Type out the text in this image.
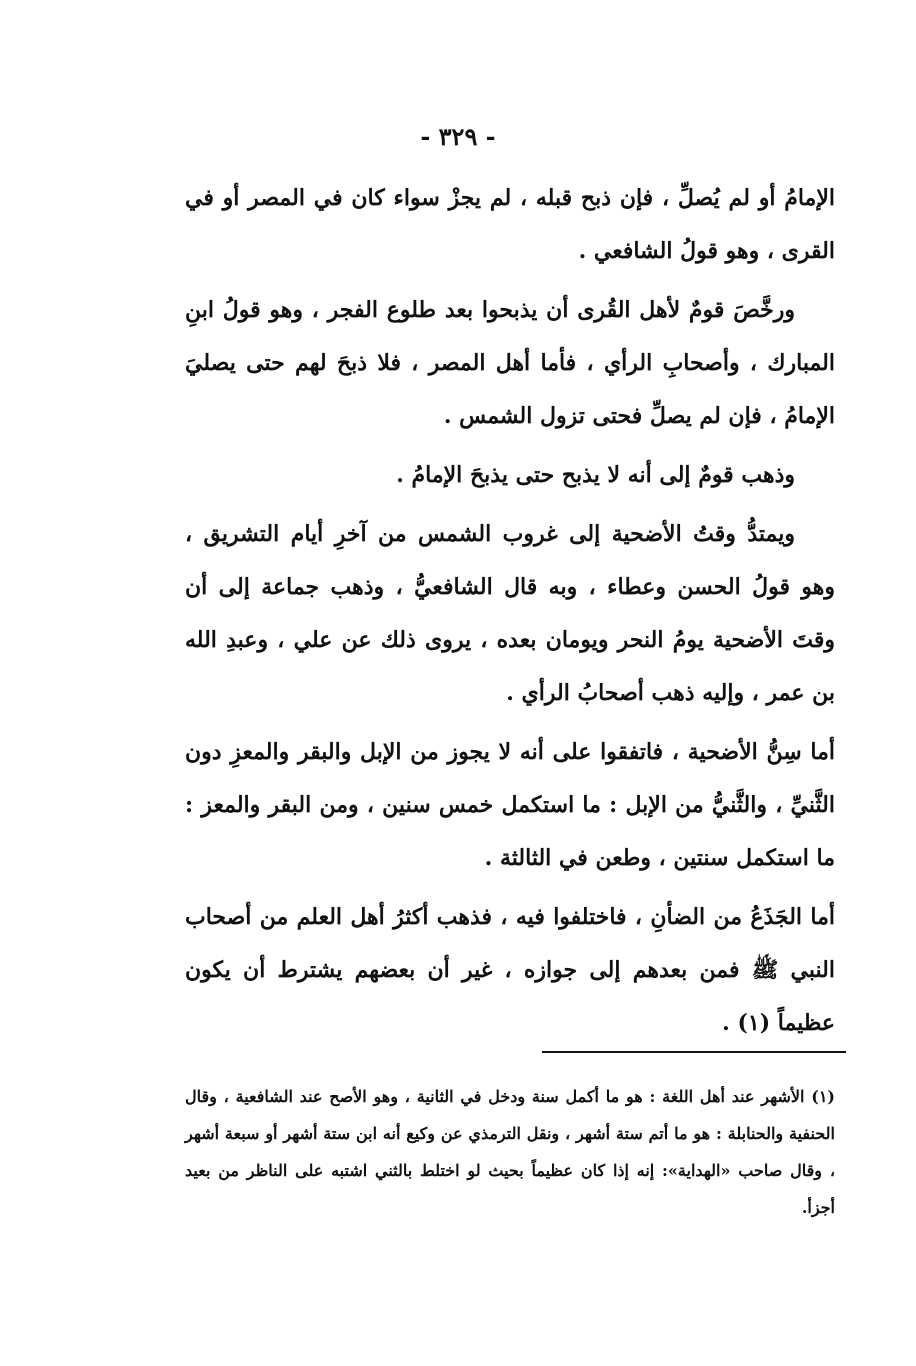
- ٣٢٩ -

الإمامُ أو لم يُصلِّ ، فإن ذبح قبله ، لم يجزْ سواء كان في المصر أو في القرى ، وهو قولُ الشافعي .

ورخَّصَ قومٌ لأهل القُرى أن يذبحوا بعد طلوع الفجر ، وهو قولُ ابنِ المبارك ، وأصحابِ الرأي ، فأما أهل المصر ، فلا ذبحَ لهم حتى يصليَ الإمامُ ، فإن لم يصلِّ فحتى تزول الشمس .

وذهب قومٌ إلى أنه لا يذبح حتى يذبحَ الإمامُ .

ويمتدُّ وقتُ الأضحية إلى غروب الشمس من آخرِ أيام التشريق ، وهو قولُ الحسن وعطاء ، وبه قال الشافعيُّ ، وذهب جماعة إلى أن وقتَ الأضحية يومُ النحر ويومان بعده ، يروى ذلك عن علي ، وعبدِ الله بن عمر ، وإليه ذهب أصحابُ الرأي .

أما سِنُّ الأضحية ، فاتفقوا على أنه لا يجوز من الإبل والبقر والمعزِ دون الثَّنيِّ ، والثَّنيُّ من الإبل : ما استكمل خمس سنين ، ومن البقر والمعز : ما استكمل سنتين ، وطعن في الثالثة .

أما الجَذَعُ من الضأنِ ، فاختلفوا فيه ، فذهب أكثرُ أهل العلم من أصحاب النبي ﷺ فمن بعدهم إلى جوازه ، غير أن بعضهم يشترط أن يكون عظيماً (١) .

(١) الأشهر عند أهل اللغة : هو ما أكمل سنة ودخل في الثانية ، وهو الأصح عند الشافعية ، وقال الحنفية والحنابلة : هو ما أتم ستة أشهر ، ونقل الترمذي عن وكيع أنه ابن ستة أشهر أو سبعة أشهر ، وقال صاحب «الهداية»: إنه إذا كان عظيماً بحيث لو اختلط بالثني اشتبه على الناظر من بعيد أجزأ.
